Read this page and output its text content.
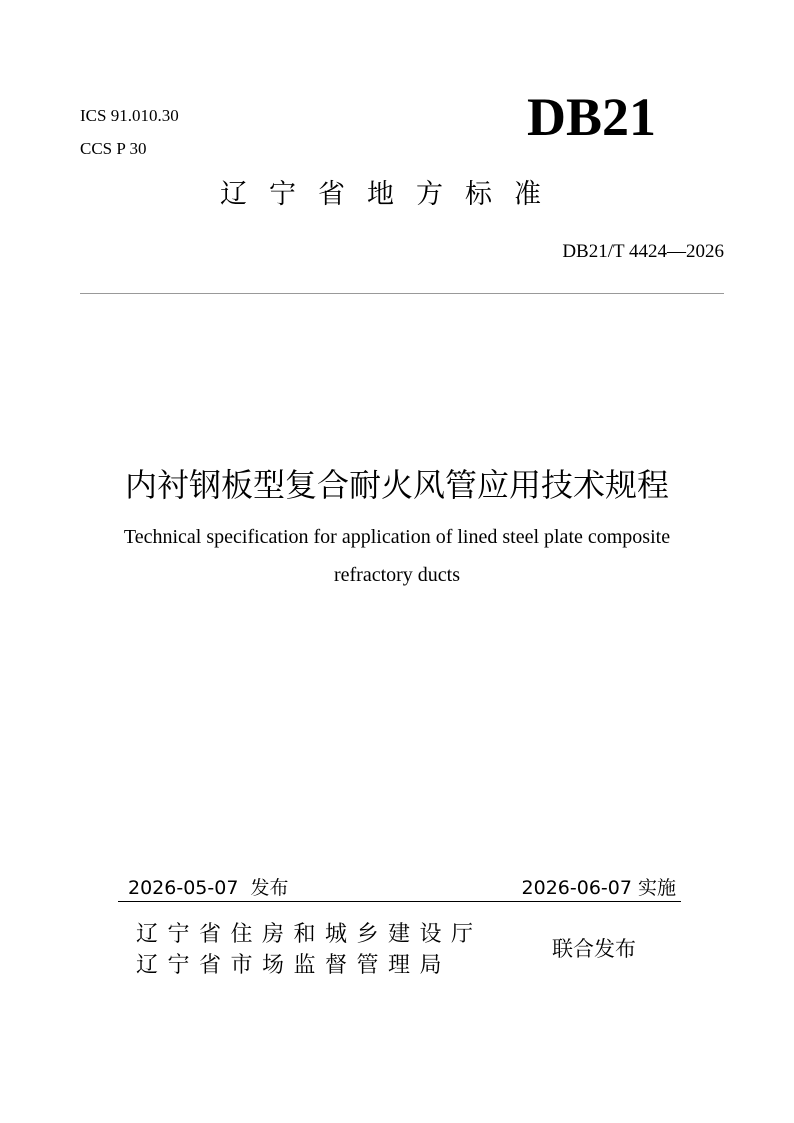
ICS 91.010.30
CCS P 30
DB21
辽宁省地方标准
DB21/T 4424—2026
内衬钢板型复合耐火风管应用技术规程
Technical specification for application of lined steel plate composite
refractory ducts
2026-05-07  发布	2026-06-07 实施
辽宁省住房和城乡建设厅
辽宁省市场监督管理局
联合发布
